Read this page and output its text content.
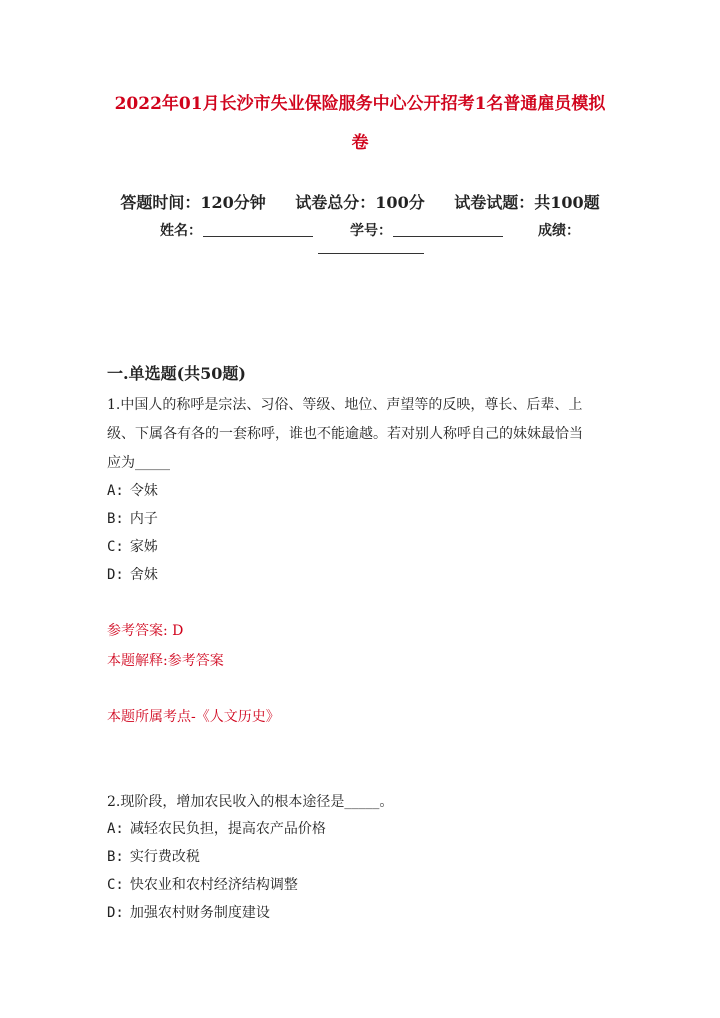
2022年01月长沙市失业保险服务中心公开招考1名普通雇员模拟
卷
答题时间：120分钟 试卷总分：100分 试卷试题：共100题
姓名：	学号：	成绩：
一.单选题(共50题)
1.中国人的称呼是宗法、习俗、等级、地位、声望等的反映，尊长、后辈、上
级、下属各有各的一套称呼，谁也不能逾越。若对别人称呼自己的妹妹最恰当
应为_____
A: 令妹
B: 内子
C: 家姊
D: 舍妹
参考答案: D
本题解释:参考答案
本题所属考点-《人文历史》
2.现阶段，增加农民收入的根本途径是_____。
A: 减轻农民负担，提高农产品价格
B: 实行费改税
C: 快农业和农村经济结构调整
D: 加强农村财务制度建设
